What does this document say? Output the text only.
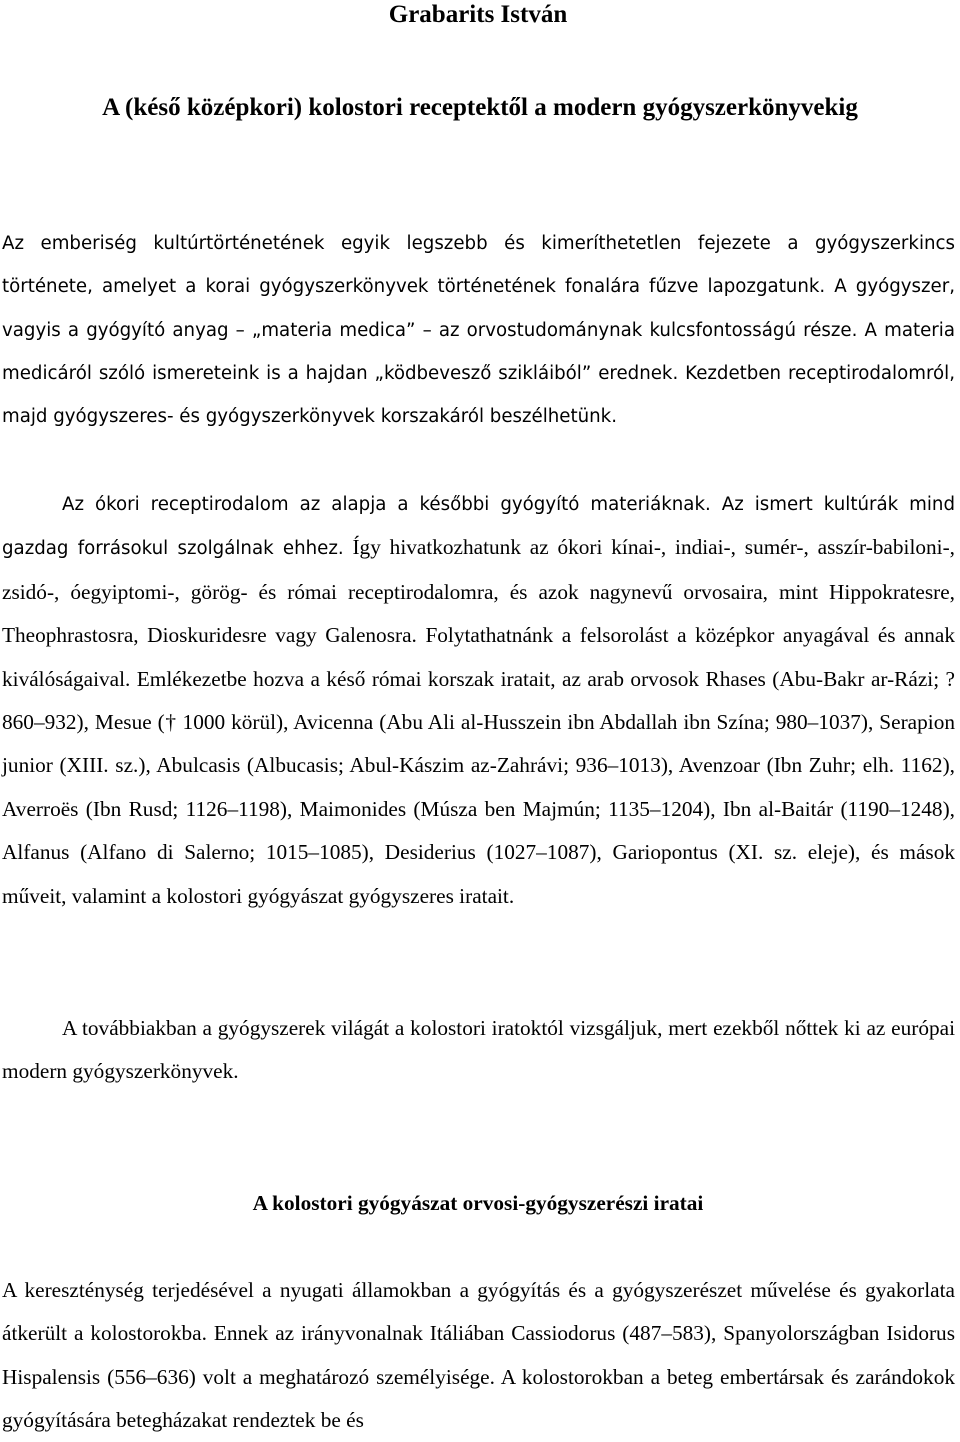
Grabarits István
A (késő középkori) kolostori receptektől a modern gyógyszerkönyvekig

Az emberiség kultúrtörténetének egyik legszebb és kimeríthetetlen fejezete a gyógyszerkincs története, amelyet a korai gyógyszerkönyvek történetének fonalára fűzve lapozgatunk. A gyógyszer, vagyis a gyógyító anyag – „materia medica” – az orvostudománynak kulcsfontosságú része. A materia medicáról szóló ismereteink is a hajdan „ködbevesző szikláiból” erednek. Kezdetben receptirodalomról, majd gyógyszeres- és gyógyszerkönyvek korszakáról beszélhetünk.

Az ókori receptirodalom az alapja a későbbi gyógyító materiáknak. Az ismert kultúrák mind gazdag forrásokul szolgálnak ehhez. Így hivatkozhatunk az ókori kínai-, indiai-, sumér-, asszír-babiloni-, zsidó-, óegyiptomi-, görög- és római receptirodalomra, és azok nagynevű orvosaira, mint Hippokratesre, Theophrastosra, Dioskuridesre vagy Galenosra. Folytathatnánk a felsorolást a középkor anyagával és annak kiválóságaival. Emlékezetbe hozva a késő római korszak iratait, az arab orvosok Rhases (Abu-Bakr ar-Rázi; ?860–932), Mesue († 1000 körül), Avicenna (Abu Ali al-Husszein ibn Abdallah ibn Szína; 980–1037), Serapion junior (XIII. sz.), Abulcasis (Albucasis; Abul-Kászim az-Zahrávi; 936–1013), Avenzoar (Ibn Zuhr; elh. 1162), Averroës (Ibn Rusd; 1126–1198), Maimonides (Músza ben Majmún; 1135–1204), Ibn al-Baitár (1190–1248), Alfanus (Alfano di Salerno; 1015–1085), Desiderius (1027–1087), Gariopontus (XI. sz. eleje), és mások műveit, valamint a kolostori gyógyászat gyógyszeres iratait.

A továbbiakban a gyógyszerek világát a kolostori iratoktól vizsgáljuk, mert ezekből nőttek ki az európai modern gyógyszerkönyvek.

A kolostori gyógyászat orvosi-gyógyszerészi iratai

A kereszténység terjedésével a nyugati államokban a gyógyítás és a gyógyszerészet művelése és gyakorlata átkerült a kolostorokba. Ennek az irányvonalnak Itáliában Cassiodorus (487–583), Spanyolországban Isidorus Hispalensis (556–636) volt a meghatározó személyisége. A kolostorokban a beteg embertársak és zarándokok gyógyítására betegházakat rendeztek be és
